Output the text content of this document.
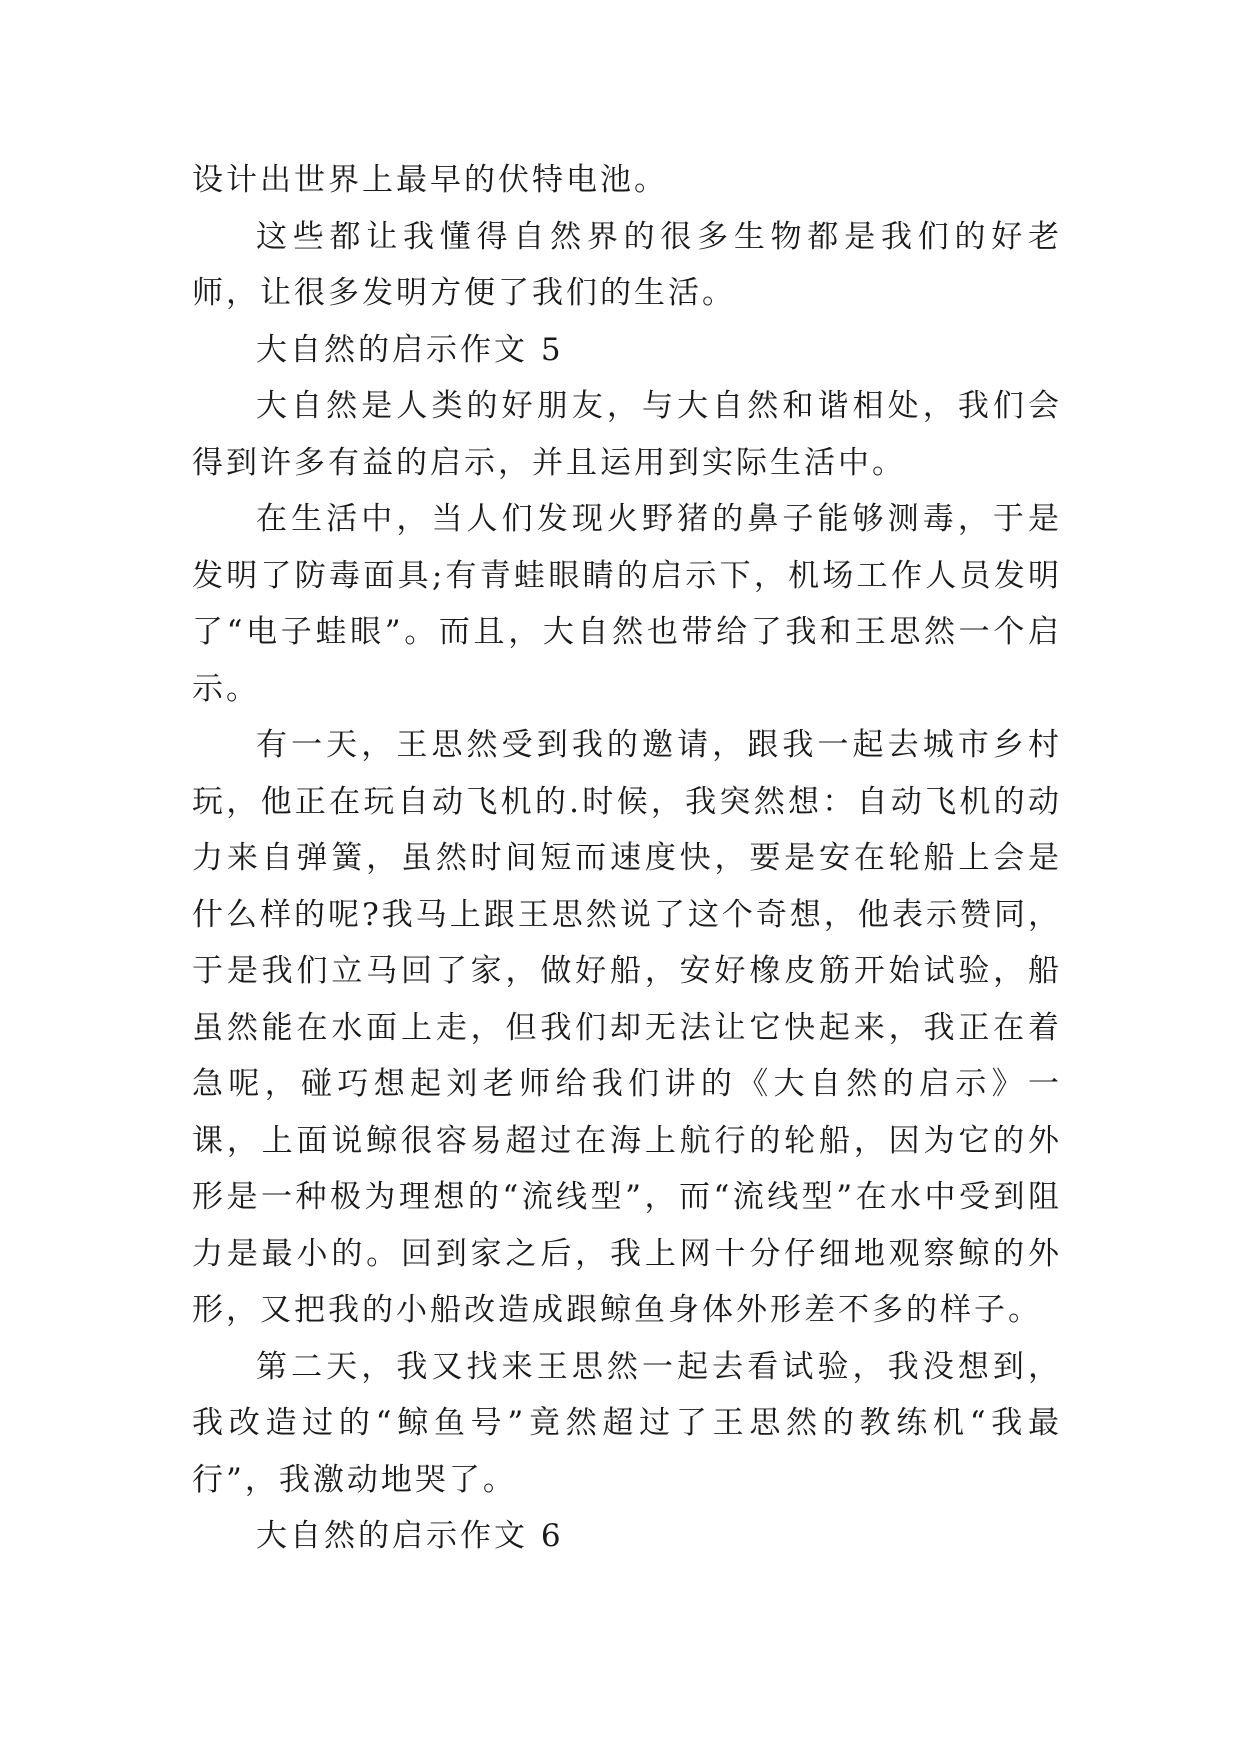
设计出世界上最早的伏特电池。

这些都让我懂得自然界的很多生物都是我们的好老师，让很多发明方便了我们的生活。

大自然的启示作文 5

大自然是人类的好朋友，与大自然和谐相处，我们会得到许多有益的启示，并且运用到实际生活中。

在生活中，当人们发现火野猪的鼻子能够测毒，于是发明了防毒面具;有青蛙眼睛的启示下，机场工作人员发明了“电子蛙眼”。而且，大自然也带给了我和王思然一个启示。

有一天，王思然受到我的邀请，跟我一起去城市乡村玩，他正在玩自动飞机的.时候，我突然想：自动飞机的动力来自弹簧，虽然时间短而速度快，要是安在轮船上会是什么样的呢?我马上跟王思然说了这个奇想，他表示赞同，于是我们立马回了家，做好船，安好橡皮筋开始试验，船虽然能在水面上走，但我们却无法让它快起来，我正在着急呢，碰巧想起刘老师给我们讲的《大自然的启示》一课，上面说鲸很容易超过在海上航行的轮船，因为它的外形是一种极为理想的“流线型”，而“流线型”在水中受到阻力是最小的。回到家之后，我上网十分仔细地观察鲸的外形，又把我的小船改造成跟鲸鱼身体外形差不多的样子。

第二天，我又找来王思然一起去看试验，我没想到，我改造过的“鲸鱼号”竟然超过了王思然的教练机“我最行”，我激动地哭了。

大自然的启示作文 6
